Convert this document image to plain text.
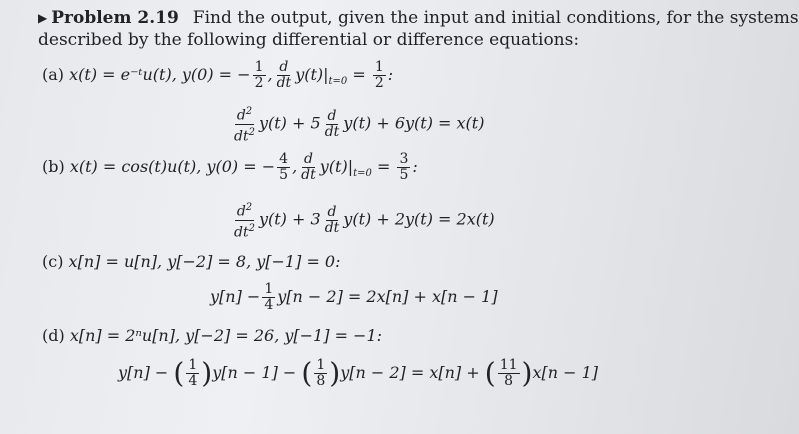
▶ Problem 2.19 Find the output, given the input and initial conditions, for the systems
described by the following differential or difference equations:
(a) x(t) = e⁻ᵗu(t), y(0) = − $\frac{1}{2}$ , $\frac{d}{dt} y(t)|_{t=0} = \frac{1}{2}$ :
$\frac{d^2}{dt^2} y(t) + 5 \frac{d}{dt} y(t) + 6y(t) = x(t)$
(b) x(t) = cos(t)u(t), y(0) = − $\frac{4}{5}$ , $\frac{d}{dt} y(t)|_{t=0} = \frac{3}{5}$ :
$\frac{d^2}{dt^2} y(t) + 3 \frac{d}{dt} y(t) + 2y(t) = 2x(t)$
(c) x[n] = u[n], y[−2] = 8, y[−1] = 0:
$y[n] - \frac{1}{4} y[n - 2] = 2x[n] + x[n - 1]$
(d) x[n] = 2ⁿu[n], y[−2] = 26, y[−1] = −1:
y[n] − ( $\frac{1}{4} )y[n - 1]$ − ( $\frac{1}{8} )y[n - 2] = x[n]$ + ( $\frac{11}{8} )x[n - 1]$
